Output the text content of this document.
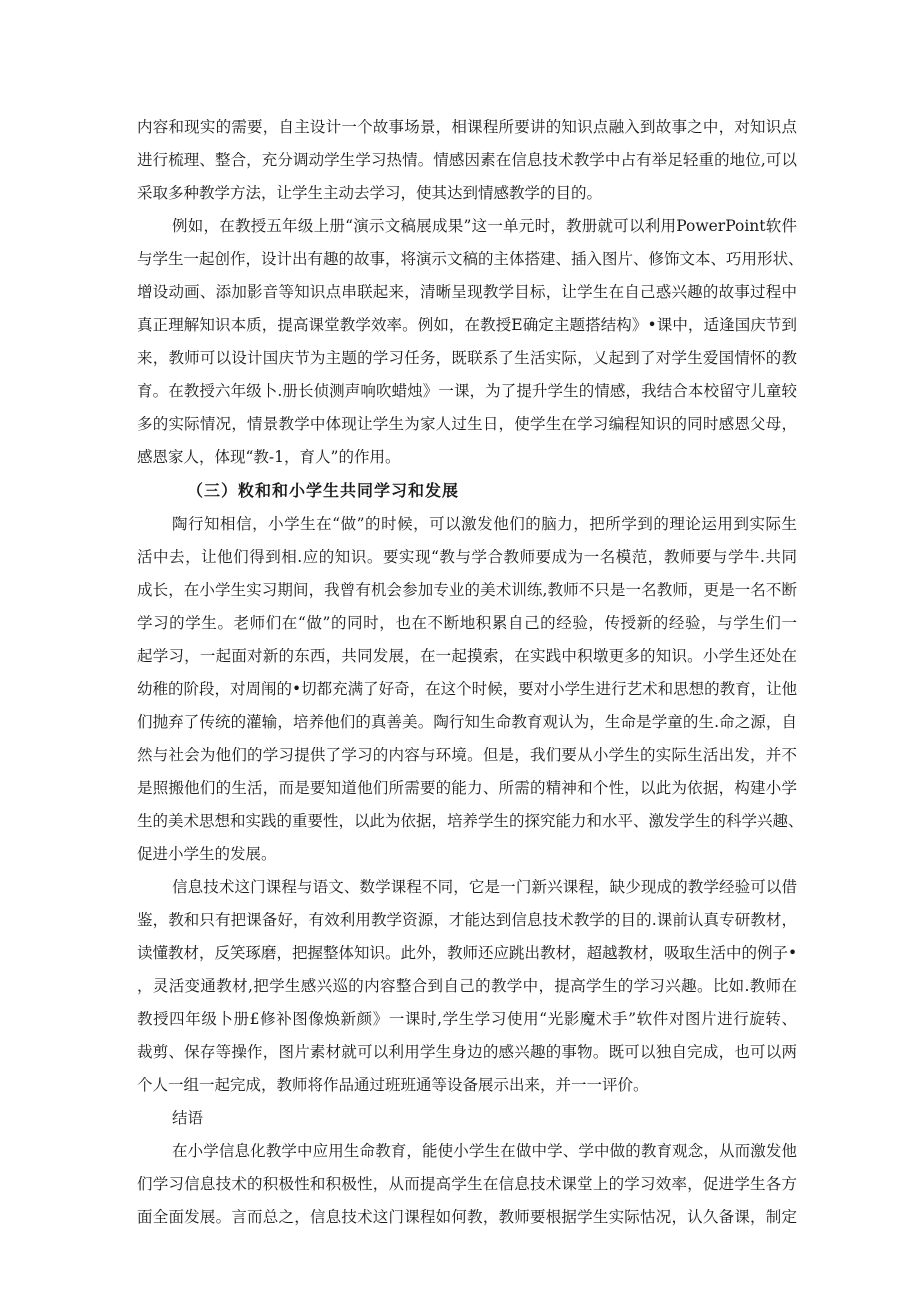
内容和现实的需要，自主设计一个故事场景，相课程所要讲的知识点融入到故事之中，对知识点
进行梳理、整合，充分调动学生学习热情。情感因素在信息技术教学中占有举足轻重的地位,可以
采取多种教学方法，让学生主动去学习，使其达到情感教学的目的。
例如，在教授五年级上册“演示文稿展成果”这一单元时，教册就可以利用PowerPoint软件
与学生一起创作，设计出有趣的故事，将演示文稿的主体搭建、插入图片、修饰文本、巧用形状、
增设动画、添加影音等知识点串联起来，清晰呈现教学目标，让学生在自己惑兴趣的故事过程中
真正理解知识本质，提高课堂教学效率。例如，在教授E确定主题搭结构》•课中，适逢国庆节到
来，教师可以设计国庆节为主题的学习任务，既联系了生活实际，乂起到了对学生爱国情怀的教
育。在教授六年级卜.册长侦测声响吹蜡烛》一课，为了提升学生的情感，我结合本校留守儿童较
多的实际情况，情景教学中体现让学生为家人过生日，使学生在学习编程知识的同时感恩父母，
感恩家人，体现“教-1，育人”的作用。
（三）敉和和小学生共同学习和发展
陶行知相信，小学生在“做”的时候，可以激发他们的脑力，把所学到的理论运用到实际生
活中去，让他们得到相.应的知识。要实现“教与学合教师要成为一名模范，教师要与学牛.共同
成长，在小学生实习期间，我曾有机会参加专业的美术训练,教师不只是一名教师，更是一名不断
学习的学生。老师们在“做”的同时，也在不断地积累自己的经验，传授新的经验，与学生们一
起学习，一起面对新的东西，共同发展，在一起摸索，在实践中积墩更多的知识。小学生还处在
幼稚的阶段，对周闱的•切都充满了好奇，在这个时候，要对小学生进行艺术和思想的教育，让他
们抛弃了传统的灌输，培养他们的真善美。陶行知生命教育观认为，生命是学童的生.命之源，自
然与社会为他们的学习提供了学习的内容与环境。但是，我们要从小学生的实际生活出发，并不
是照搬他们的生活，而是要知道他们所需要的能力、所需的精神和个性，以此为依据，构建小学
生的美术思想和实践的重要性，以此为依据，培养学生的探究能力和水平、激发学生的科学兴趣、
促进小学生的发展。
信息技术这门课程与语文、数学课程不同，它是一门新兴课程，缺少现成的教学经验可以借
鉴，教和只有把课备好，有效利用教学资源，才能达到信息技术教学的目的.课前认真专研教材，
读懂教材，反笑琢磨，把握整体知识。此外，教师还应跳出教材，超越教材，吸取生活中的例子•
，灵活变通教材,把学生感兴巡的内容整合到自己的教学中，提高学生的学习兴趣。比如.教师在
教授四年级卜册£修补图像焕新颜》一课时,学生学习使用“光影魔术手”软件对图片进行旋转、
裁剪、保存等操作，图片素材就可以利用学生身边的感兴趣的事物。既可以独自完成，也可以两
个人一组一起完成，教师将作品通过班班通等设备展示出来，并一一评价。
结语
在小学信息化教学中应用生命教育，能使小学生在做中学、学中做的教育观念，从而激发他
们学习信息技术的积极性和积极性，从而提高学生在信息技术课堂上的学习效率，促进学生各方
面全面发展。言而总之，信息技术这门课程如何教，教师要根据学生实际怙况，认久备课，制定
